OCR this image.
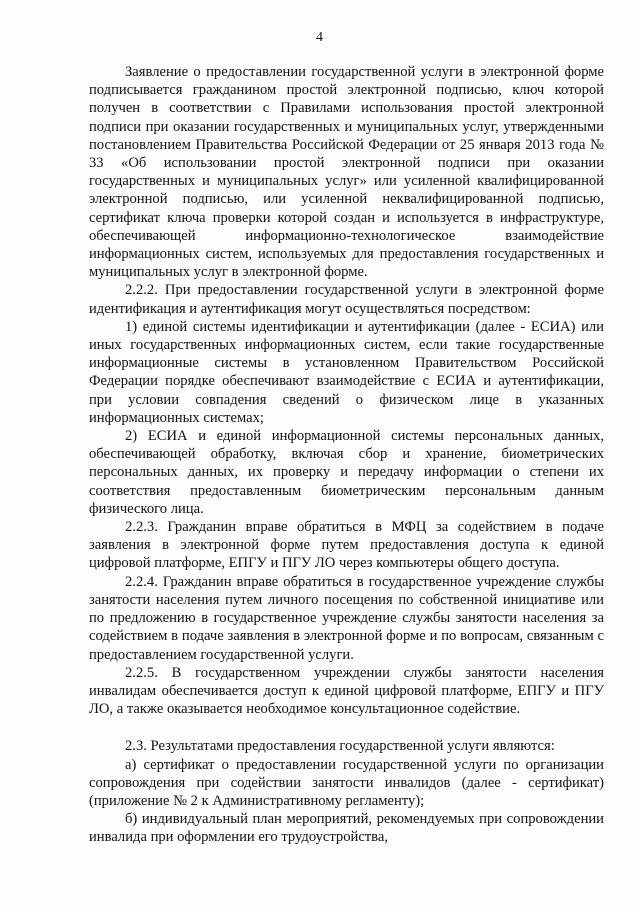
4

Заявление о предоставлении государственной услуги в электронной форме подписывается гражданином простой электронной подписью, ключ которой получен в соответствии с Правилами использования простой электронной подписи при оказании государственных и муниципальных услуг, утвержденными постановлением Правительства Российской Федерации от 25 января 2013 года № 33 «Об использовании простой электронной подписи при оказании государственных и муниципальных услуг» или усиленной квалифицированной электронной подписью, или усиленной неквалифицированной подписью, сертификат ключа проверки которой создан и используется в инфраструктуре, обеспечивающей информационно-технологическое взаимодействие информационных систем, используемых для предоставления государственных и муниципальных услуг в электронной форме.

2.2.2. При предоставлении государственной услуги в электронной форме идентификация и аутентификация могут осуществляться посредством:

1) единой системы идентификации и аутентификации (далее - ЕСИА) или иных государственных информационных систем, если такие государственные информационные системы в установленном Правительством Российской Федерации порядке обеспечивают взаимодействие с ЕСИА и аутентификации, при условии совпадения сведений о физическом лице в указанных информационных системах;

2) ЕСИА и единой информационной системы персональных данных, обеспечивающей обработку, включая сбор и хранение, биометрических персональных данных, их проверку и передачу информации о степени их соответствия предоставленным биометрическим персональным данным физического лица.

2.2.3. Гражданин вправе обратиться в МФЦ за содействием в подаче заявления в электронной форме путем предоставления доступа к единой цифровой платформе, ЕПГУ и ПГУ ЛО через компьютеры общего доступа.

2.2.4. Гражданин вправе обратиться в государственное учреждение службы занятости населения путем личного посещения по собственной инициативе или по предложению в государственное учреждение службы занятости населения за содействием в подаче заявления в электронной форме и по вопросам, связанным с предоставлением государственной услуги.

2.2.5. В государственном учреждении службы занятости населения инвалидам обеспечивается доступ к единой цифровой платформе, ЕПГУ и ПГУ ЛО, а также оказывается необходимое консультационное содействие.

2.3. Результатами предоставления государственной услуги являются:

а) сертификат о предоставлении государственной услуги по организации сопровождения при содействии занятости инвалидов (далее - сертификат) (приложение № 2 к Административному регламенту);

б) индивидуальный план мероприятий, рекомендуемых при сопровождении инвалида при оформлении его трудоустройства,
